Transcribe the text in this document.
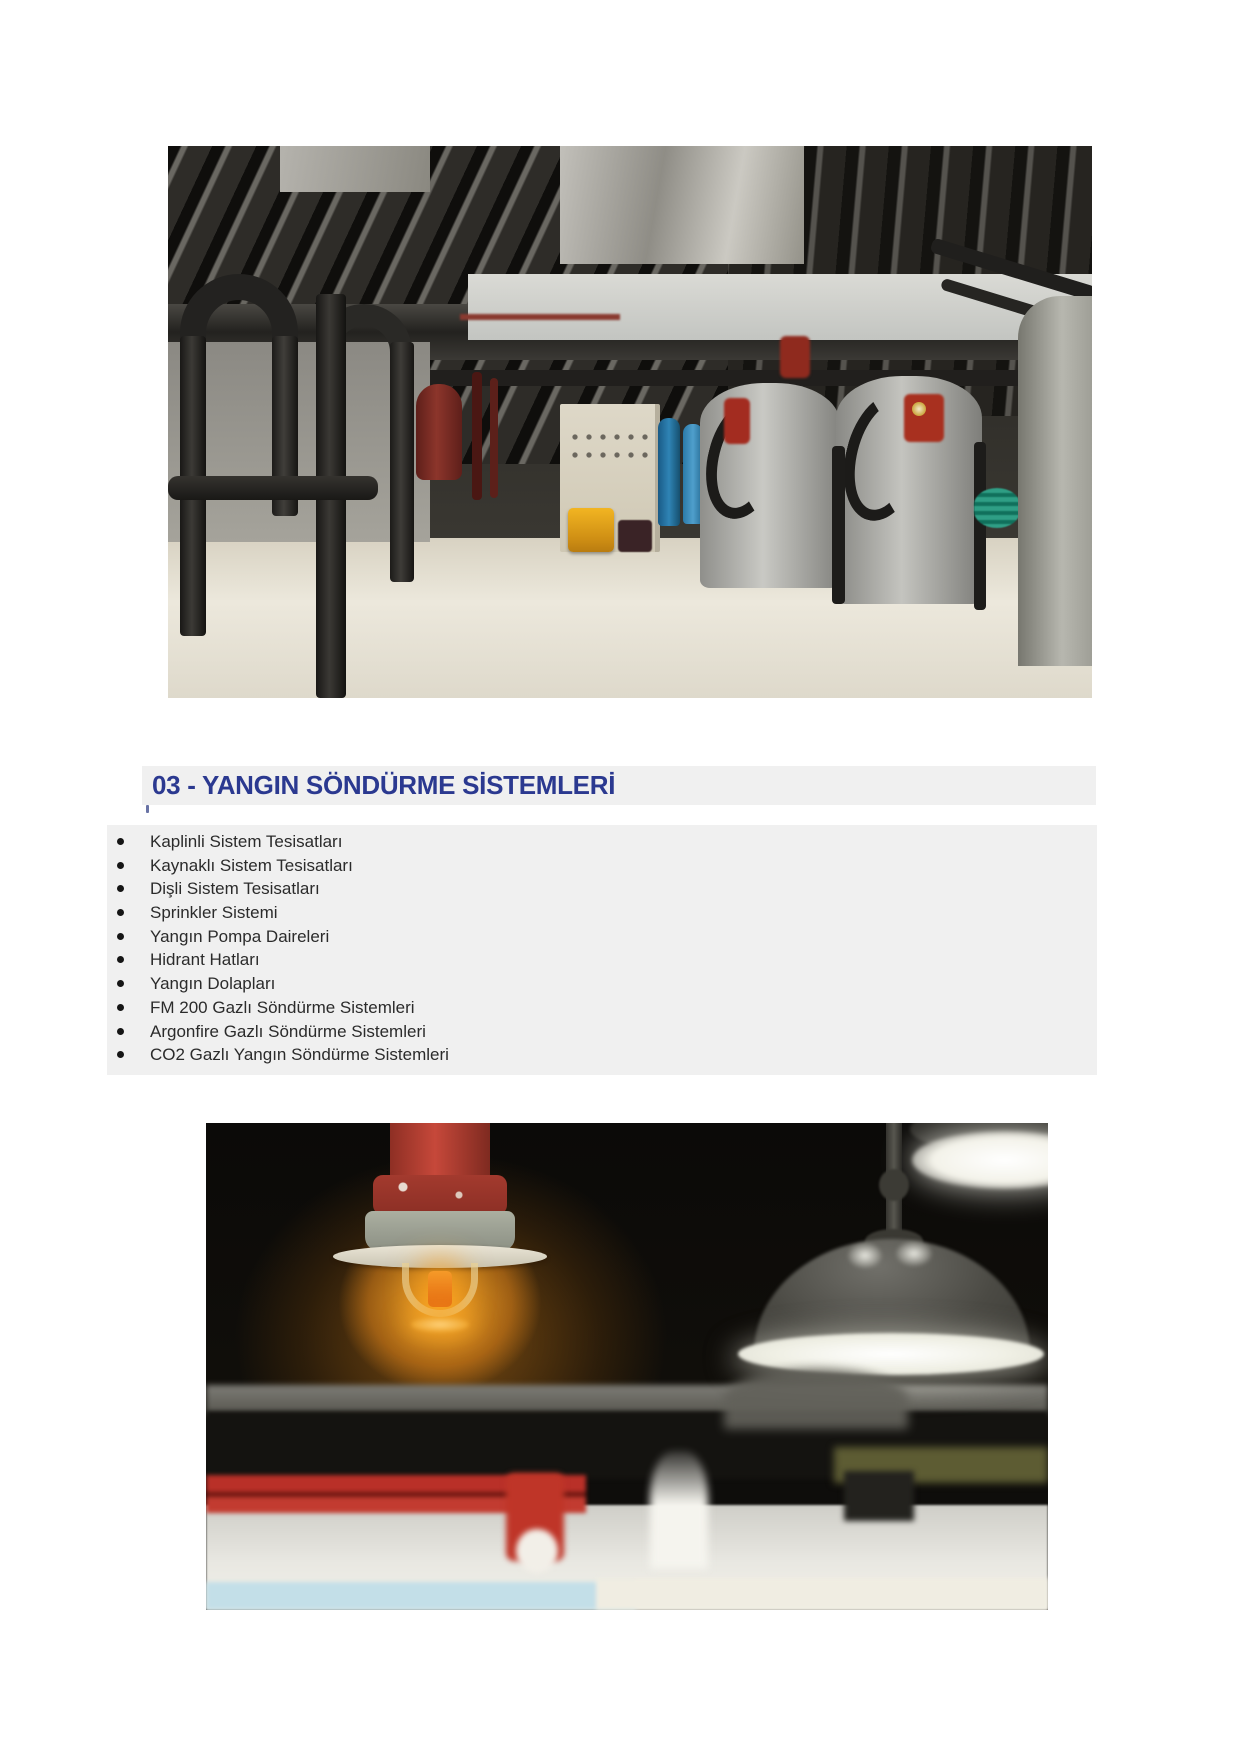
03 - YANGIN SÖNDÜRME SİSTEMLERİ
Kaplinli Sistem Tesisatları
Kaynaklı Sistem Tesisatları
Dişli Sistem Tesisatları
Sprinkler Sistemi
Yangın Pompa Daireleri
Hidrant Hatları
Yangın Dolapları
FM 200 Gazlı Söndürme Sistemleri
Argonfire Gazlı Söndürme Sistemleri
CO2 Gazlı Yangın Söndürme Sistemleri
